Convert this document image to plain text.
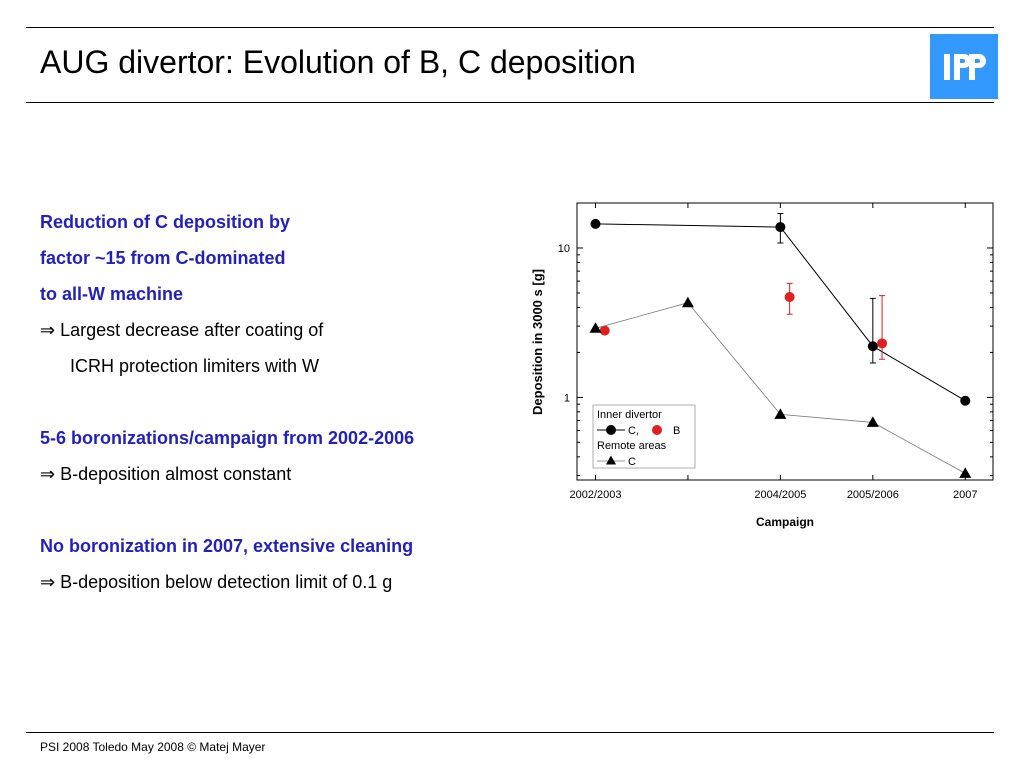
AUG divertor: Evolution of B, C deposition
Reduction of C deposition by
factor ~15 from C-dominated
to all-W machine
⇒ Largest decrease after coating of
ICRH protection limiters with W
5-6 boronizations/campaign from 2002-2006
⇒ B-deposition almost constant
No boronization in 2007, extensive cleaning
⇒ B-deposition below detection limit of 0.1 g
2002/2003	2004/2005	2005/2006	2007
1
10
Inner divertor
C,	B
Remote areas
C
Campaign
Deposition in 3000 s [g]
PSI 2008 Toledo May 2008 © Matej Mayer
